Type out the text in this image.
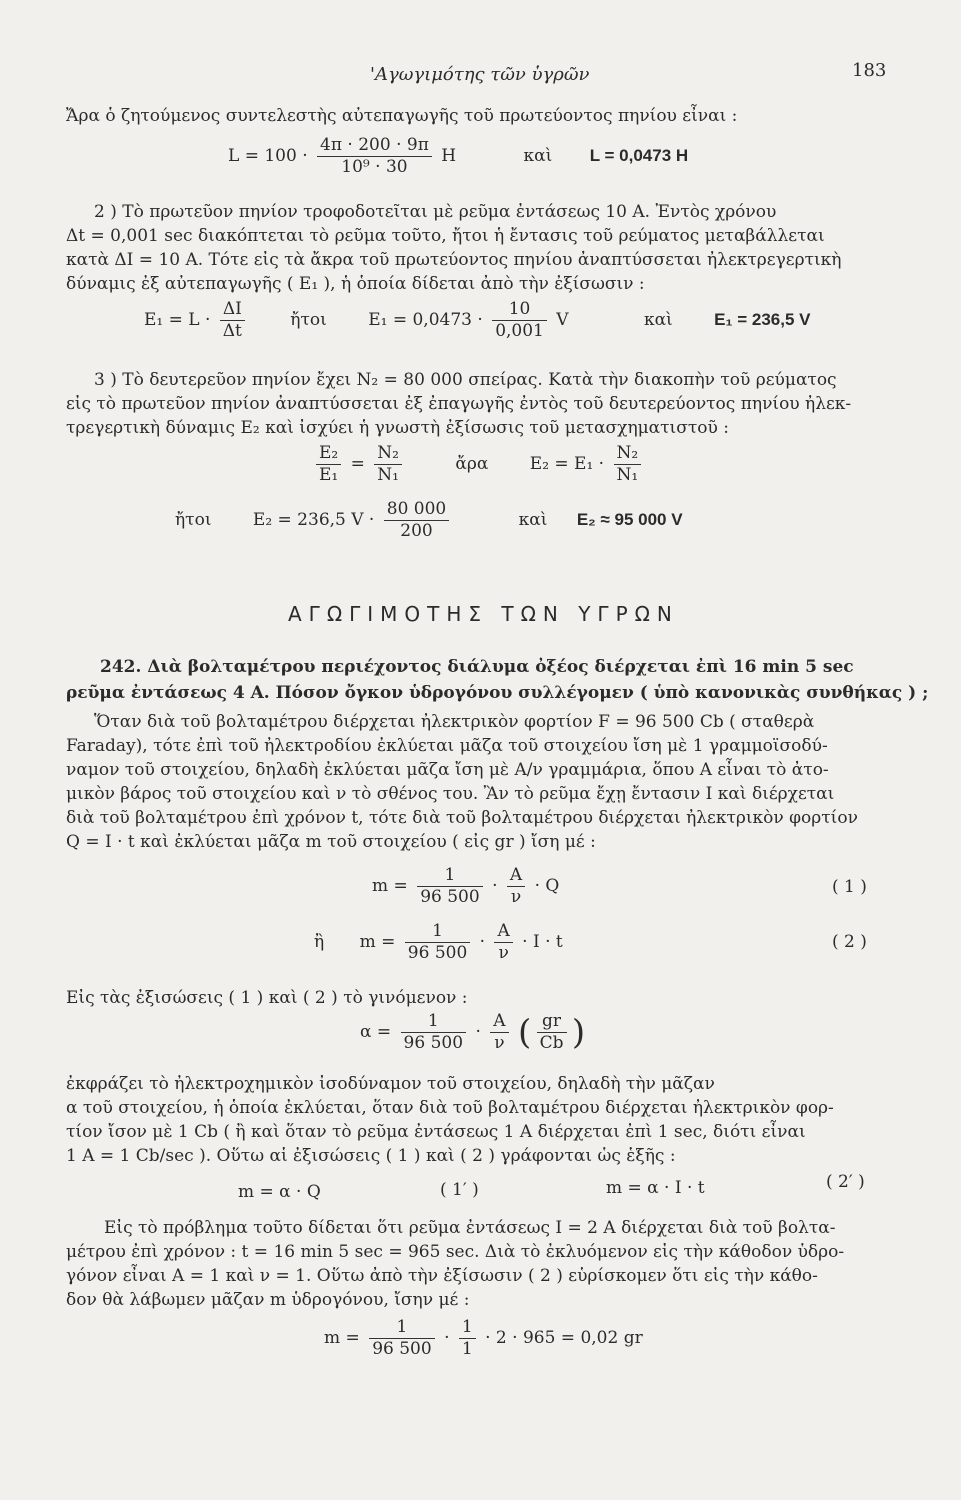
'Αγωγιμότης τῶν ὑγρῶν	183
Ἄρα ὁ ζητούμενος συντελεστὴς αὐτεπαγωγῆς τοῦ πρωτεύοντος πηνίου εἶναι :
$L = 100 \cdot \frac{4\pi \cdot 200 \cdot 9\pi}{\text{10⁹ · 30}}$ H	καὶ L = 0,0473 H
2 ) Τὸ πρωτεῦον πηνίον τροφοδοτεῖται μὲ ρεῦμα ἐντάσεως 10 A. Ἐντὸς χρόνου
Δt = 0,001 sec διακόπτεται τὸ ρεῦμα τοῦτο, ἤτοι ἡ ἔντασις τοῦ ρεύματος μεταβάλλεται
κατὰ ΔI = 10 A. Τότε εἰς τὰ ἄκρα τοῦ πρωτεύοντος πηνίου ἀναπτύσσεται ἠλεκτρεγερτικὴ
δύναμις ἐξ αὐτεπαγωγῆς ( E₁ ), ἡ ὁποία δίδεται ἀπὸ τὴν ἐξίσωσιν :
$E_1 = L \cdot \frac{\Delta I}{\Delta t}$	ἤτοι $E_1 = 0,0473 \cdot \frac{10}{0,001}$ V	καὶ E₁ = 236,5 V
3 ) Τὸ δευτερεῦον πηνίον ἔχει N₂ = 80 000 σπείρας. Κατὰ τὴν διακοπὴν τοῦ ρεύματος
εἰς τὸ πρωτεῦον πηνίον ἀναπτύσσεται ἐξ ἐπαγωγῆς ἐντὸς τοῦ δευτερεύοντος πηνίου ἠλεκ-
τρεγερτικὴ δύναμις E₂ καὶ ἰσχύει ἡ γνωστὴ ἐξίσωσις τοῦ μετασχηματιστοῦ :
$\frac{\text{E₂}}{\text{E₁}} = \frac{\text{N₂}}{\text{N₁}}$	ἄρα $E_2 = E_1 \cdot \frac{\text{N₂}}{\text{N₁}}$
ἤτοι E₂ = 236,5 $V \cdot \frac{80 000}{200}$	καὶ E₂ ≈ 95 000 V
ΑΓΩΓΙΜΟΤΗΣ ΤΩΝ ΥΓΡΩΝ
242. Διὰ βολταμέτρου περιέχοντος διάλυμα ὀξέος διέρχεται ἐπὶ 16 min 5 sec
ρεῦμα ἐντάσεως 4 A. Πόσον ὄγκον ὑδρογόνου συλλέγομεν ( ὑπὸ κανονικὰς συνθήκας ) ;
Ὅταν διὰ τοῦ βολταμέτρου διέρχεται ἠλεκτρικὸν φορτίον F = 96 500 Cb ( σταθερὰ
Faraday), τότε ἐπὶ τοῦ ἠλεκτροδίου ἐκλύεται μᾶζα τοῦ στοιχείου ἴση μὲ 1 γραμμοϊσοδύ-
ναμον τοῦ στοιχείου, δηλαδὴ ἐκλύεται μᾶζα ἴση μὲ A/ν γραμμάρια, ὅπου A εἶναι τὸ ἀτο-
μικὸν βάρος τοῦ στοιχείου καὶ ν τὸ σθένος του. Ἂν τὸ ρεῦμα ἔχῃ ἔντασιν I καὶ διέρχεται
διὰ τοῦ βολταμέτρου ἐπὶ χρόνον t, τότε διὰ τοῦ βολταμέτρου διέρχεται ἠλεκτρικὸν φορτίον
Q = I · t καὶ ἐκλύεται μᾶζα m τοῦ στοιχείου ( εἰς gr ) ἴση μέ :
$m = \frac{1}{96 500} \cdot \frac{A}{\nu} \cdot Q$	( 1 )
ἢ $m = \frac{1}{96 500} \cdot \frac{A}{\nu} \cdot I \cdot t$	( 2 )
Εἰς τὰς ἐξισώσεις ( 1 ) καὶ ( 2 ) τὸ γινόμενον :
$\alpha = \frac{1}{96 500} \cdot \frac{A}{\nu}$ ( $\frac{gr}{Cb}$ )
ἐκφράζει τὸ ἠλεκτροχημικὸν ἰσοδύναμον τοῦ στοιχείου, δηλαδὴ τὴν μᾶζαν
α τοῦ στοιχείου, ἡ ὁποία ἐκλύεται, ὅταν διὰ τοῦ βολταμέτρου διέρχεται ἠλεκτρικὸν φορ-
τίον ἴσον μὲ 1 Cb ( ἢ καὶ ὅταν τὸ ρεῦμα ἐντάσεως 1 A διέρχεται ἐπὶ 1 sec, διότι εἶναι
1 A = 1 Cb/sec ). Οὕτω αἱ ἐξισώσεις ( 1 ) καὶ ( 2 ) γράφονται ὡς ἑξῆς :
m = α · Q	( 1′ )	m = α · I · t	( 2′ )
Εἰς τὸ πρόβλημα τοῦτο δίδεται ὅτι ρεῦμα ἐντάσεως I = 2 A διέρχεται διὰ τοῦ βολτα-
μέτρου ἐπὶ χρόνον : t = 16 min 5 sec = 965 sec. Διὰ τὸ ἐκλυόμενον εἰς τὴν κάθοδον ὑδρο-
γόνον εἶναι A = 1 καὶ ν = 1. Οὕτω ἀπὸ τὴν ἐξίσωσιν ( 2 ) εὑρίσκομεν ὅτι εἰς τὴν κάθο-
δον θὰ λάβωμεν μᾶζαν m ὑδρογόνου, ἴσην μέ :
$m = \frac{1}{96 500} \cdot \frac{1}{1} \cdot 2 \cdot 965 = 0,02$ gr
